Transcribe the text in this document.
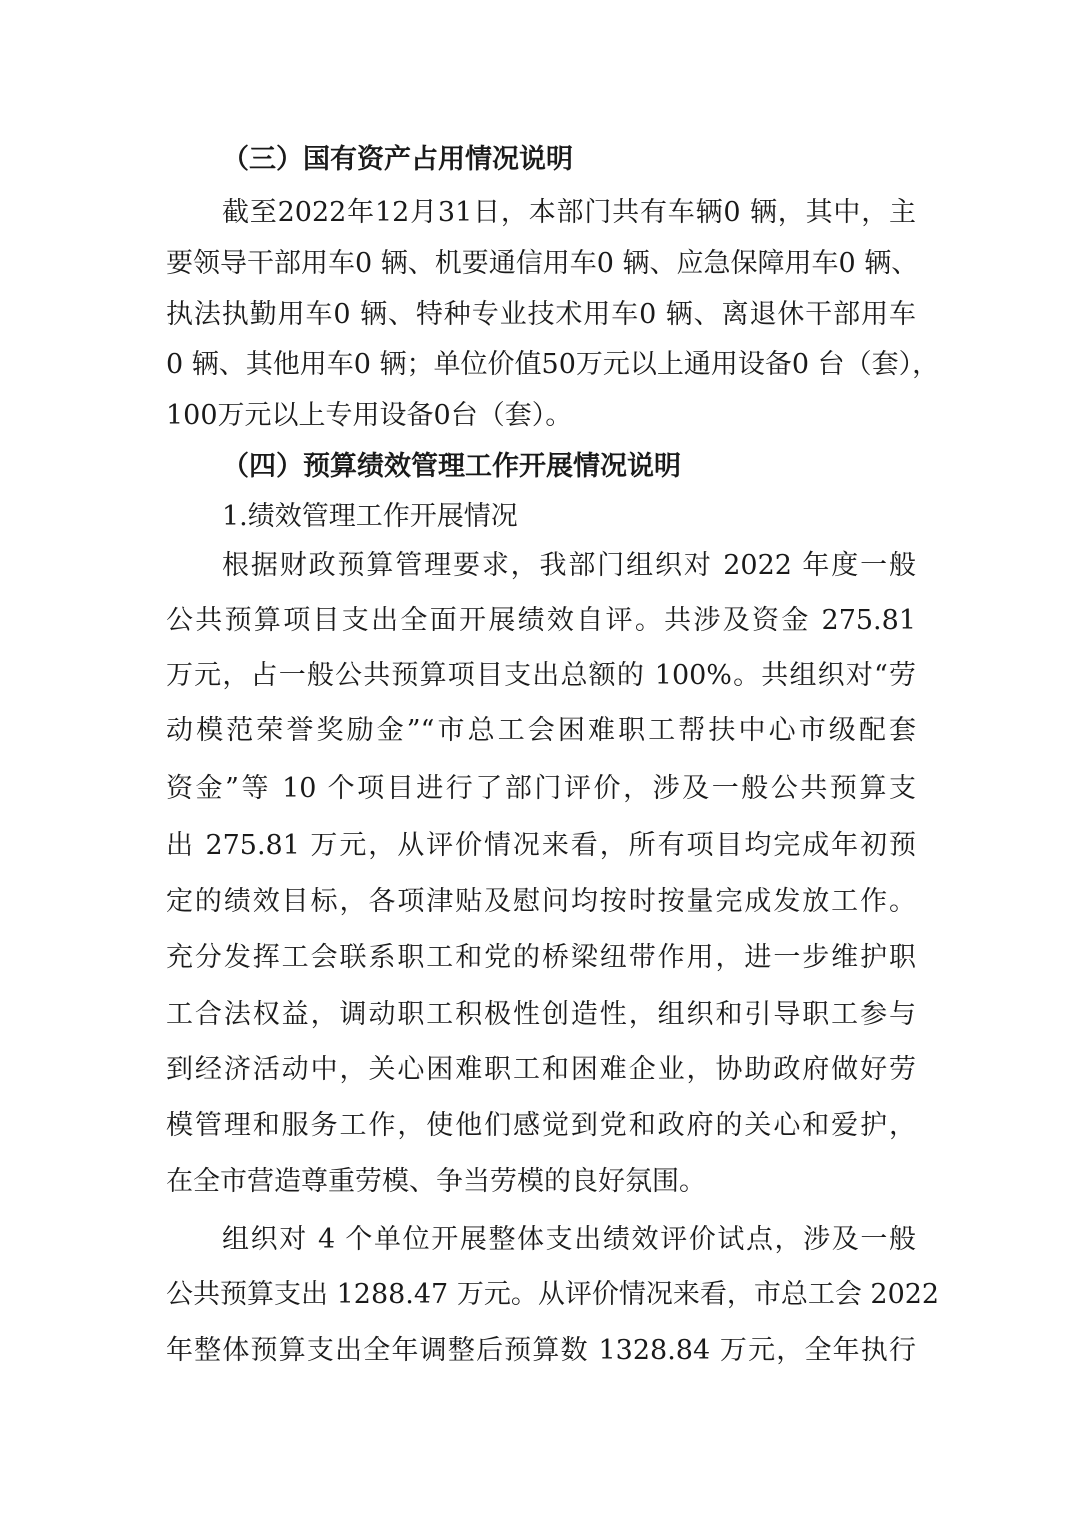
（三）国有资产占用情况说明
截至2022年12月31日，本部门共有车辆0 辆，其中，主
要领导干部用车0 辆、机要通信用车0 辆、应急保障用车0 辆、
执法执勤用车0 辆、特种专业技术用车0 辆、离退休干部用车
0 辆、其他用车0 辆；单位价值50万元以上通用设备0 台（套），
100万元以上专用设备0台（套）。
（四）预算绩效管理工作开展情况说明
1.绩效管理工作开展情况
根据财政预算管理要求，我部门组织对 2022 年度一般
公共预算项目支出全面开展绩效自评。共涉及资金 275.81
万元，占一般公共预算项目支出总额的 100%。共组织对“劳
动模范荣誉奖励金”“市总工会困难职工帮扶中心市级配套
资金”等 10 个项目进行了部门评价，涉及一般公共预算支
出 275.81 万元，从评价情况来看，所有项目均完成年初预
定的绩效目标，各项津贴及慰问均按时按量完成发放工作。
充分发挥工会联系职工和党的桥梁纽带作用，进一步维护职
工合法权益，调动职工积极性创造性，组织和引导职工参与
到经济活动中，关心困难职工和困难企业，协助政府做好劳
模管理和服务工作，使他们感觉到党和政府的关心和爱护，
在全市营造尊重劳模、争当劳模的良好氛围。
组织对 4 个单位开展整体支出绩效评价试点，涉及一般
公共预算支出 1288.47 万元。从评价情况来看，市总工会 2022
年整体预算支出全年调整后预算数 1328.84 万元，全年执行
